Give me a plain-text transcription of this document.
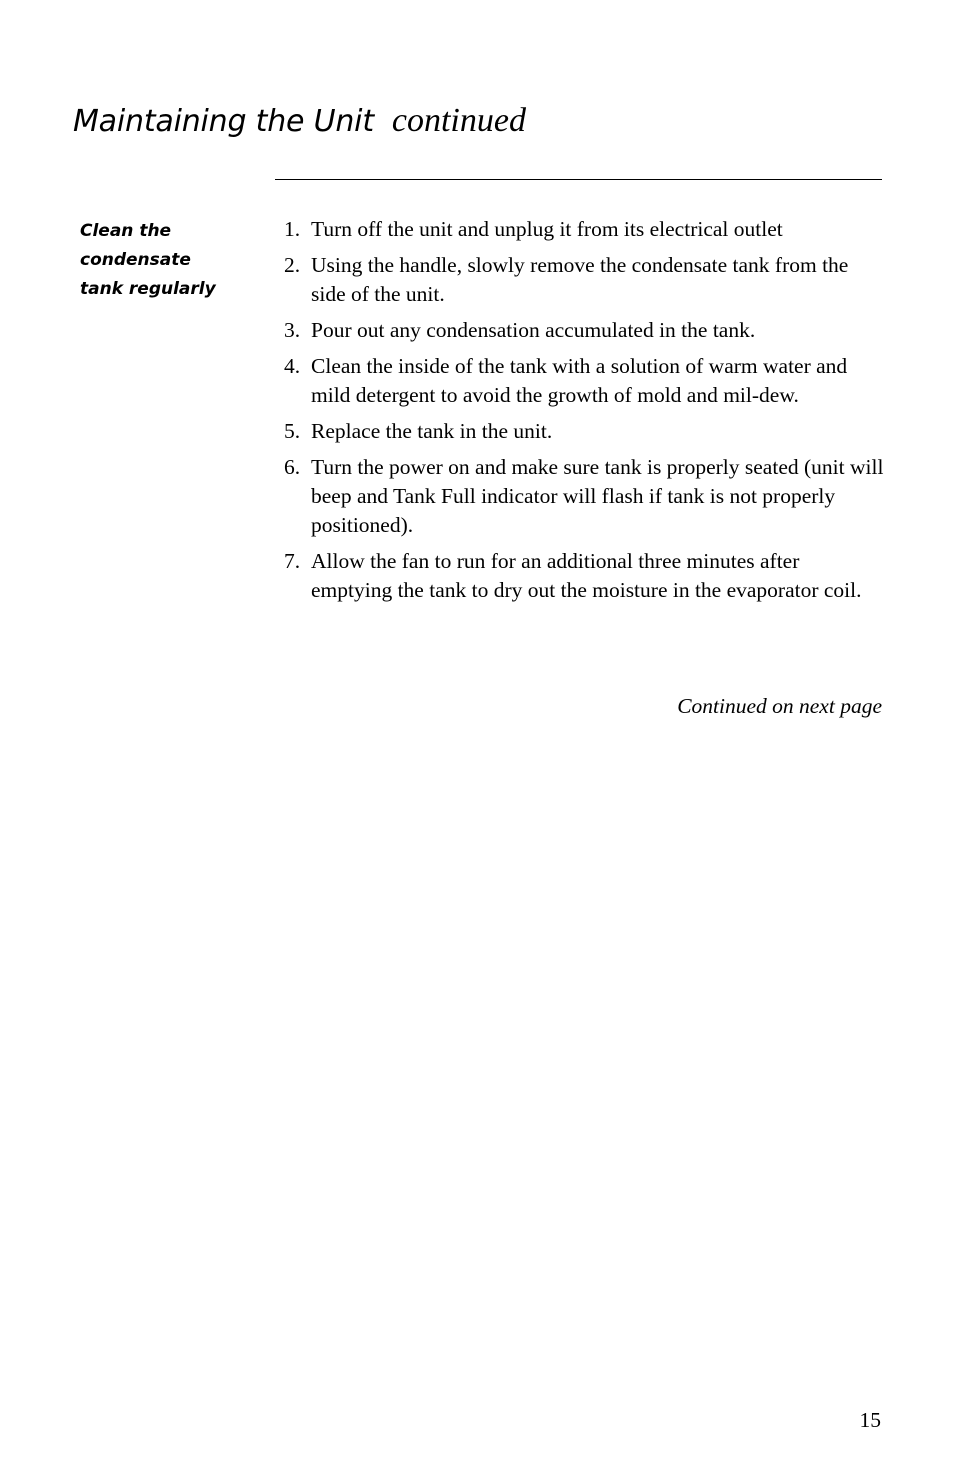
Maintaining the Unit continued
Clean the
condensate
tank regularly
1. Turn off the unit and unplug it from its electrical outlet
2. Using the handle, slowly remove the condensate tank from the side of the unit.
3. Pour out any condensation accumulated in the tank.
4. Clean the inside of the tank with a solution of warm water and mild detergent to avoid the growth of mold and mil-dew.
5. Replace the tank in the unit.
6. Turn the power on and make sure tank is properly seated (unit will beep and Tank Full indicator will flash if tank is not properly positioned).
7. Allow the fan to run for an additional three minutes after emptying the tank to dry out the moisture in the evaporator coil.
Continued on next page
15
